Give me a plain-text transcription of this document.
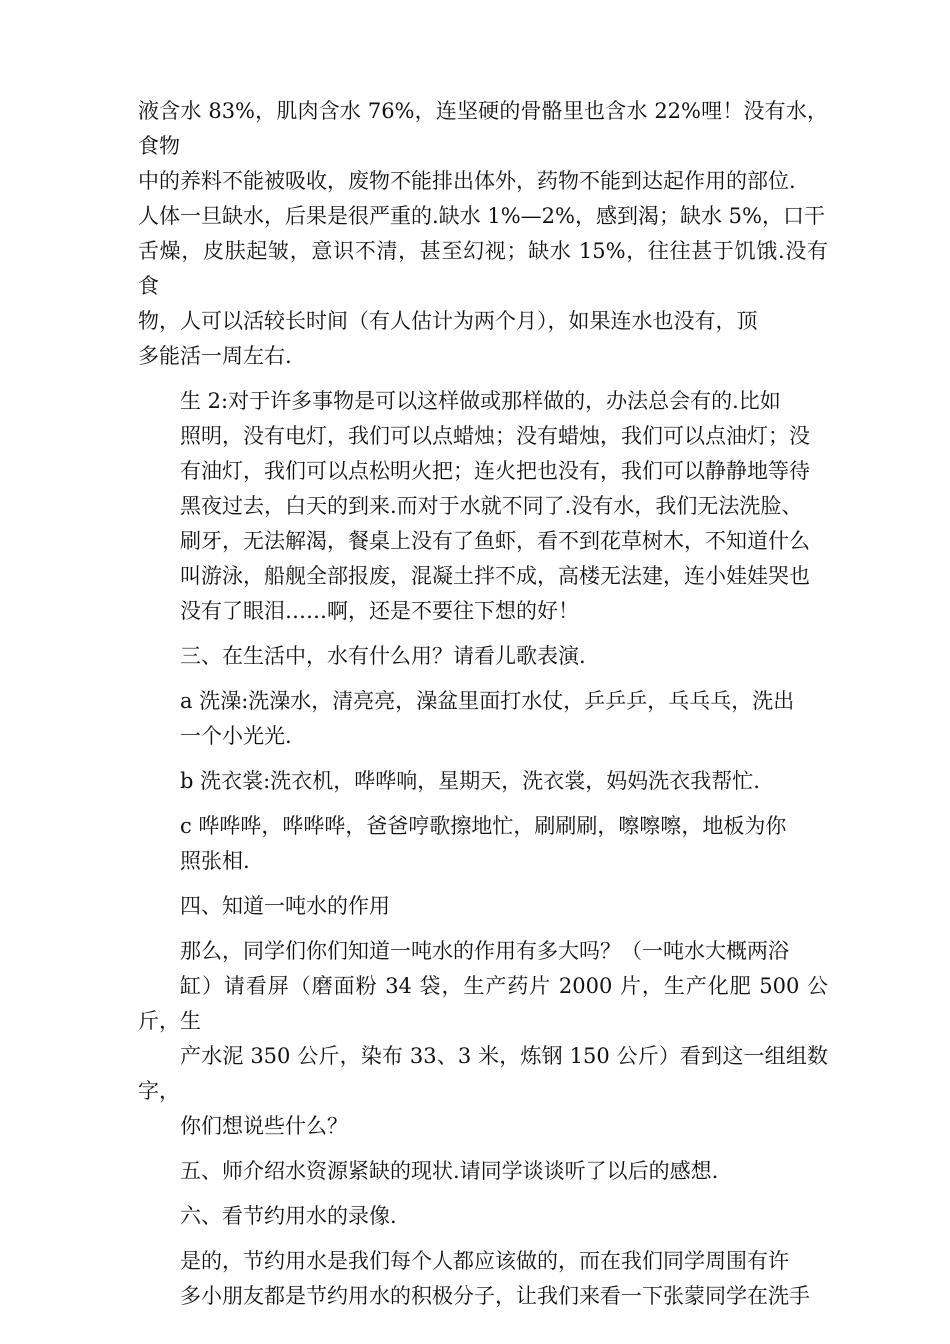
液含水 83%，肌肉含水 76%，连坚硬的骨骼里也含水 22%哩！没有水，食物
中的养料不能被吸收，废物不能排出体外，药物不能到达起作用的部位.
人体一旦缺水，后果是很严重的.缺水 1%—2%，感到渴；缺水 5%，口干
舌燥，皮肤起皱，意识不清，甚至幻视；缺水 15%，往往甚于饥饿.没有食
物，人可以活较长时间（有人估计为两个月），如果连水也没有，顶
多能活一周左右.

生 2:对于许多事物是可以这样做或那样做的，办法总会有的.比如
照明，没有电灯，我们可以点蜡烛；没有蜡烛，我们可以点油灯；没
有油灯，我们可以点松明火把；连火把也没有，我们可以静静地等待
黑夜过去，白天的到来.而对于水就不同了.没有水，我们无法洗脸、
刷牙，无法解渴，餐桌上没有了鱼虾，看不到花草树木，不知道什么
叫游泳，船舰全部报废，混凝土拌不成，高楼无法建，连小娃娃哭也
没有了眼泪……啊，还是不要往下想的好！

三、在生活中，水有什么用？请看儿歌表演.

a 洗澡:洗澡水，清亮亮，澡盆里面打水仗，乒乒乒，乓乓乓，洗出
一个小光光.

b 洗衣裳:洗衣机，哗哗响，星期天，洗衣裳，妈妈洗衣我帮忙.

c 哗哗哗，哗哗哗，爸爸哼歌擦地忙，刷刷刷，嚓嚓嚓，地板为你
照张相.

四、知道一吨水的作用

那么，同学们你们知道一吨水的作用有多大吗？（一吨水大概两浴
缸）请看屏（磨面粉 34 袋，生产药片 2000 片，生产化肥 500 公斤，生
产水泥 350 公斤，染布 33、3 米，炼钢 150 公斤）看到这一组组数字，
你们想说些什么？

五、师介绍水资源紧缺的现状.请同学谈谈听了以后的感想.

六、看节约用水的录像.

是的，节约用水是我们每个人都应该做的，而在我们同学周围有许
多小朋友都是节约用水的积极分子，让我们来看一下张蒙同学在洗手
